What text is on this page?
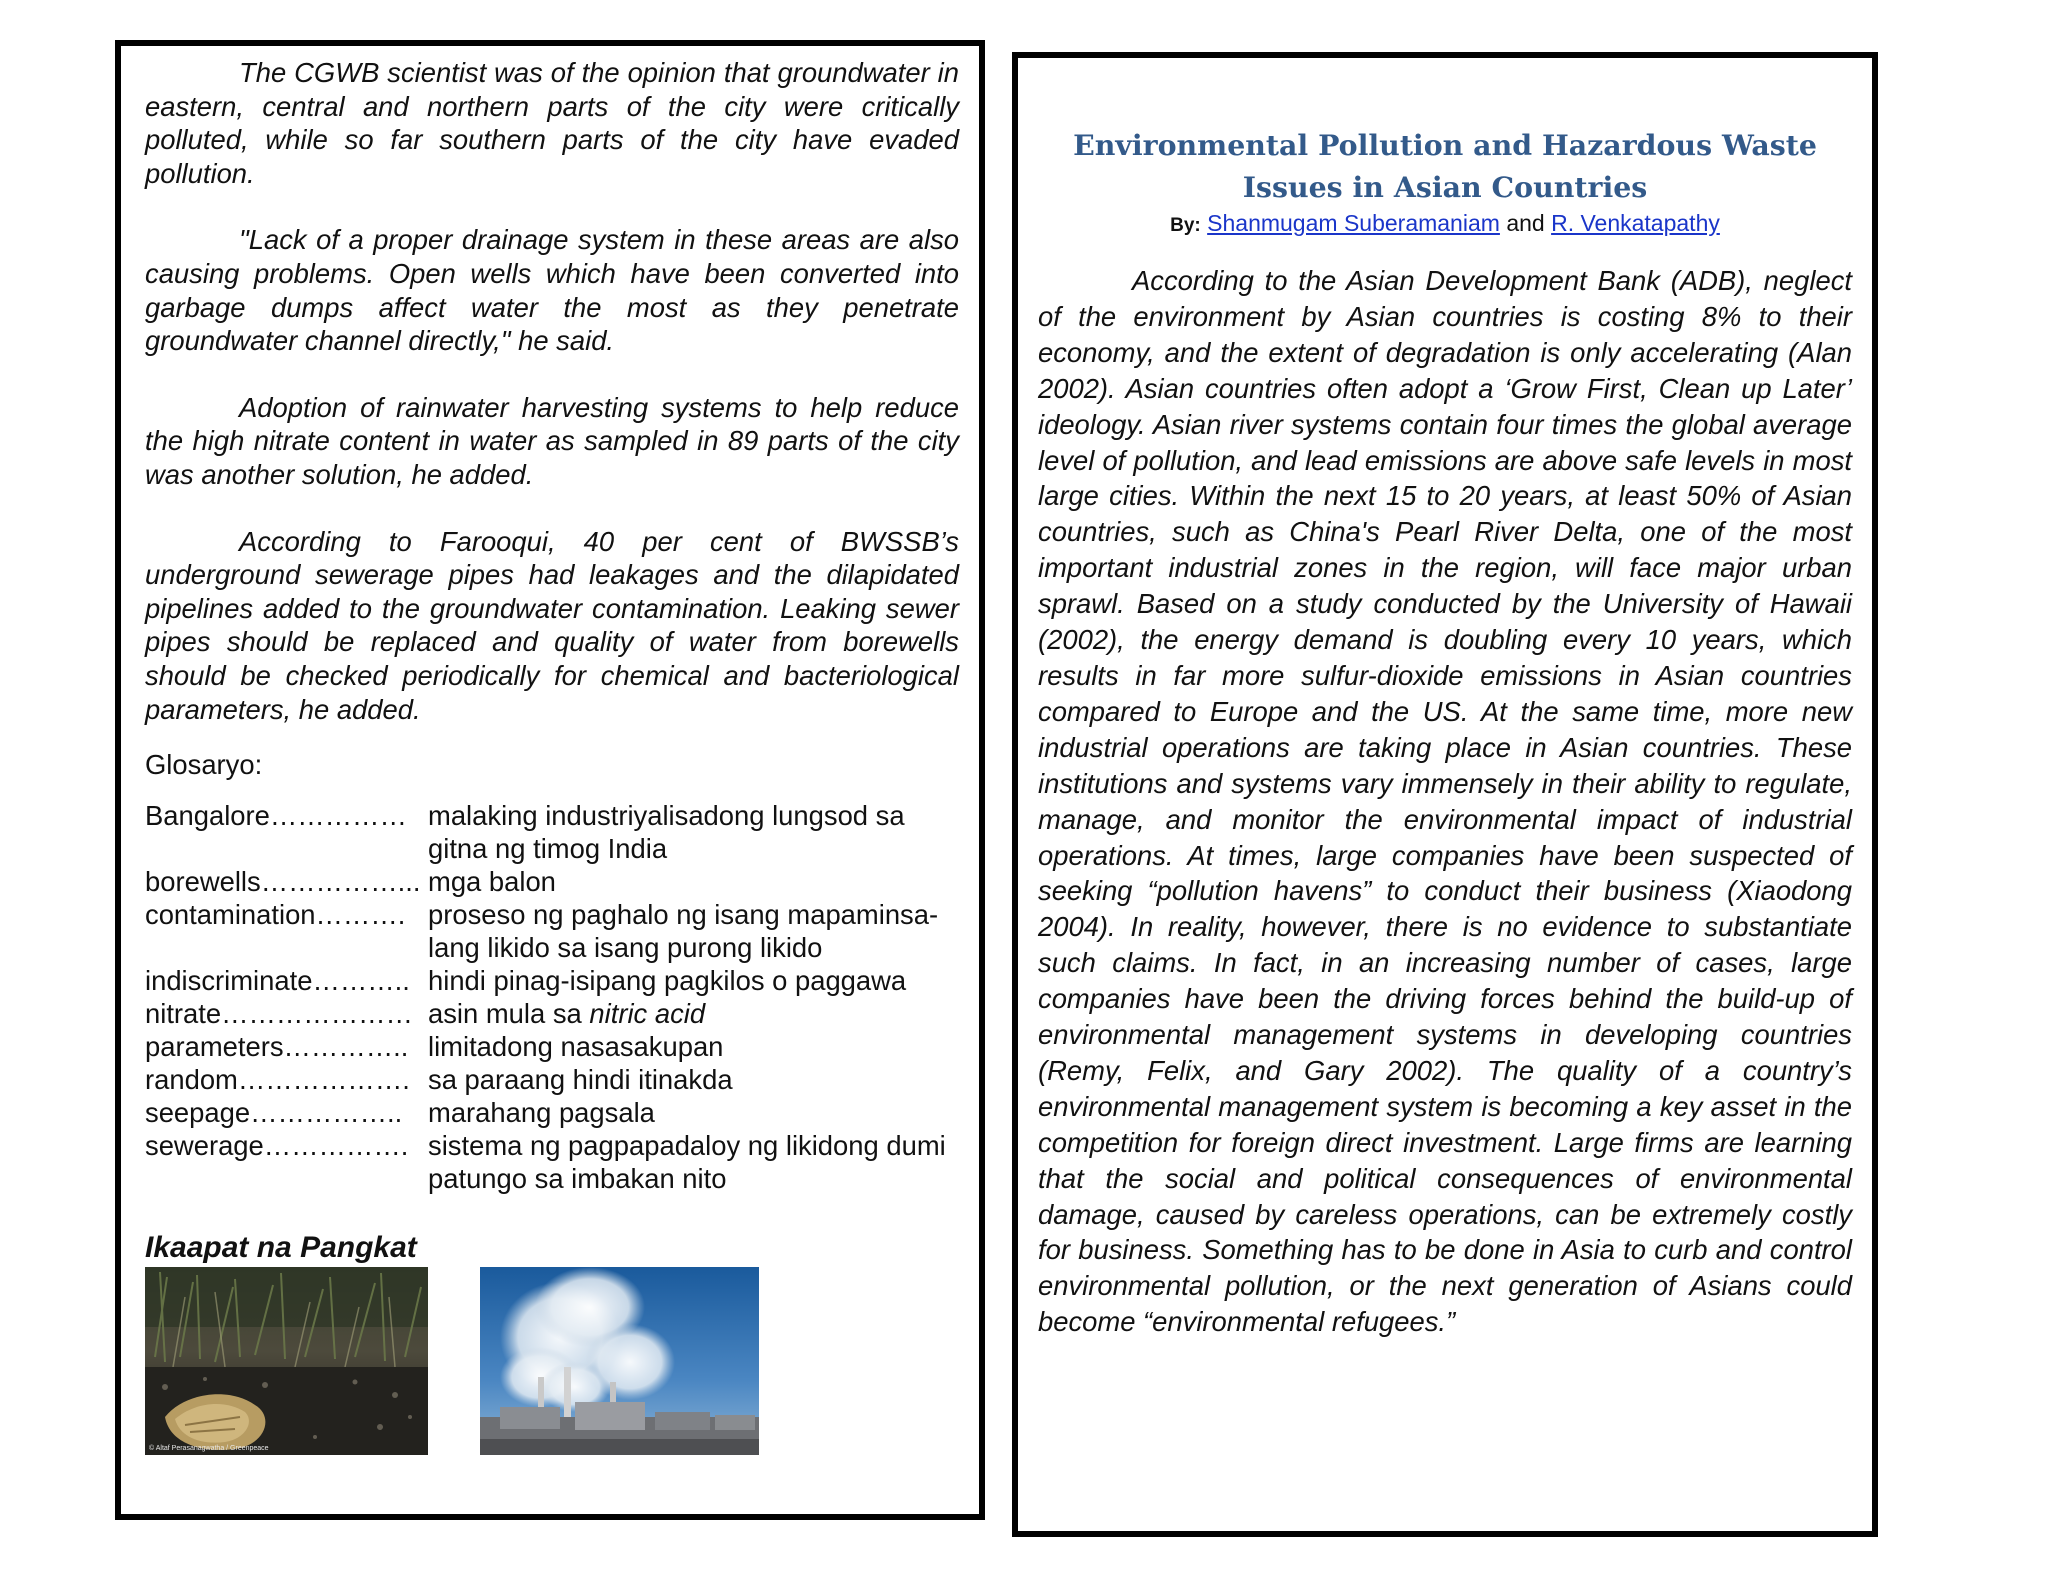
The CGWB scientist was of the opinion that groundwater in eastern, central and northern parts of the city were critically polluted, while so far southern parts of the city have evaded pollution.

"Lack of a proper drainage system in these areas are also causing problems. Open wells which have been converted into garbage dumps affect water the most as they penetrate groundwater channel directly," he said.

Adoption of rainwater harvesting systems to help reduce the high nitrate content in water as sampled in 89 parts of the city was another solution, he added.

According to Farooqui, 40 per cent of BWSSB’s underground sewerage pipes had leakages and the dilapidated pipelines added to the groundwater contamination. Leaking sewer pipes should be replaced and quality of water from borewells should be checked periodically for chemical and bacteriological parameters, he added.

Glosaryo:
Bangalore…………… malaking industriyalisadong lungsod sa gitna ng timog India
borewells……………... mga balon
contamination………. proseso ng paghalo ng isang mapaminsa-lang likido sa isang purong likido
indiscriminate……….. hindi pinag-isipang pagkilos o paggawa
nitrate………………… asin mula sa nitric acid
parameters………….. limitadong nasasakupan
random………………. sa paraang hindi itinakda
seepage…………….. marahang pagsala
sewerage……………. sistema ng pagpapadaloy ng likidong dumi patungo sa imbakan nito
Ikaapat na Pangkat
© Altaf Perasanagwatha / Greenpeace
Environmental Pollution and Hazardous Waste Issues in Asian Countries
By: Shanmugam Suberamaniam and R. Venkatapathy

According to the Asian Development Bank (ADB), neglect of the environment by Asian countries is costing 8% to their economy, and the extent of degradation is only accelerating (Alan 2002). Asian countries often adopt a ‘Grow First, Clean up Later’ ideology. Asian river systems contain four times the global average level of pollution, and lead emissions are above safe levels in most large cities. Within the next 15 to 20 years, at least 50% of Asian countries, such as China's Pearl River Delta, one of the most important industrial zones in the region, will face major urban sprawl. Based on a study conducted by the University of Hawaii (2002), the energy demand is doubling every 10 years, which results in far more sulfur-dioxide emissions in Asian countries compared to Europe and the US. At the same time, more new industrial operations are taking place in Asian countries. These institutions and systems vary immensely in their ability to regulate, manage, and monitor the environmental impact of industrial operations. At times, large companies have been suspected of seeking “pollution havens” to conduct their business (Xiaodong 2004). In reality, however, there is no evidence to substantiate such claims. In fact, in an increasing number of cases, large companies have been the driving forces behind the build-up of environmental management systems in developing countries (Remy, Felix, and Gary 2002). The quality of a country’s environmental management system is becoming a key asset in the competition for foreign direct investment. Large firms are learning that the social and political consequences of environmental damage, caused by careless operations, can be extremely costly for business. Something has to be done in Asia to curb and control environmental pollution, or the next generation of Asians could become “environmental refugees.”
